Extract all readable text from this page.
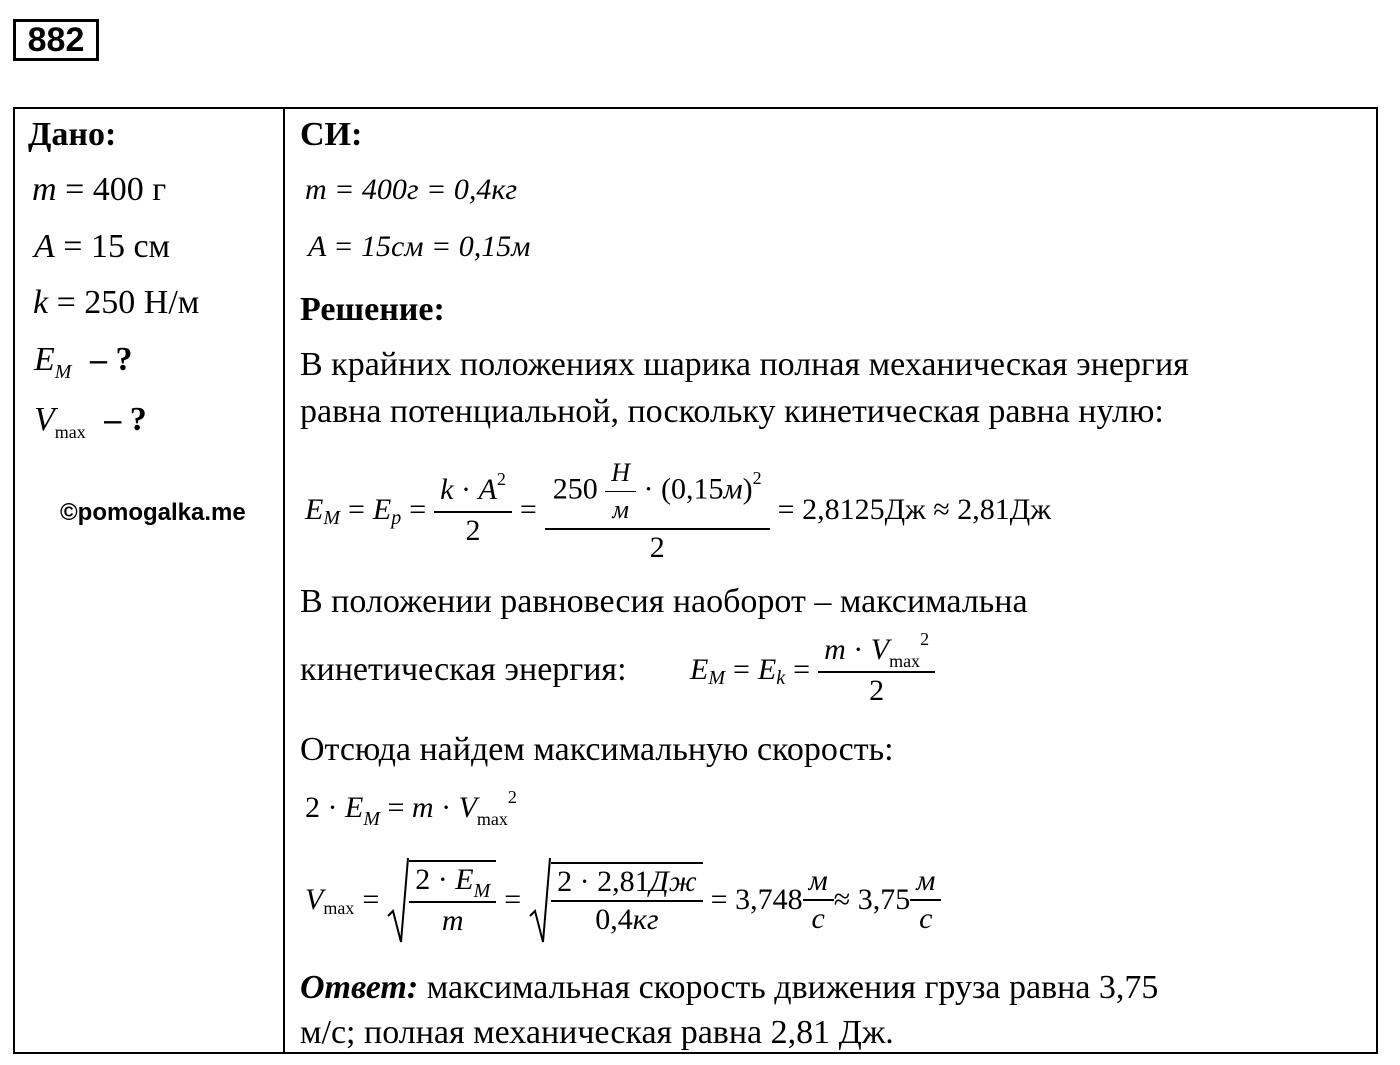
882
Дано:
m = 400 г
A = 15 см
k = 250 Н/м
$E_M$ – ?
$V_{max}$ – ?
©pomogalka.me
СИ:
m = 400г = 0,4кг
A = 15см = 0,15м
Решение:
В крайних положениях шарика полная механическая энергия
равна потенциальной, поскольку кинетическая равна нулю:
E M = E $p = \frac{k \cdot A^2}{2} = \frac{250 \frac{Н}{м} \cdot (0,15м)^2}{2} = 2,8125Дж \approx 2,81Дж$
В положении равновесия наоборот – максимальна
кинетическая энергия: E M = E $k = \frac{m \cdot V_{max}^2}{2}$
Отсюда найдем максимальную скорость:
$2 \cdot E_M = m \cdot V_{max}^2$
V $\max = \frac{2 \cdot E_M}{m} = \frac{2 \cdot 2,81Дж}{0,4кг} = 3,748 \frac{м}{с} \approx 3,75 \frac{м}{с}$
Ответ: максимальная скорость движения груза равна 3,75
м/с; полная механическая равна 2,81 Дж.
